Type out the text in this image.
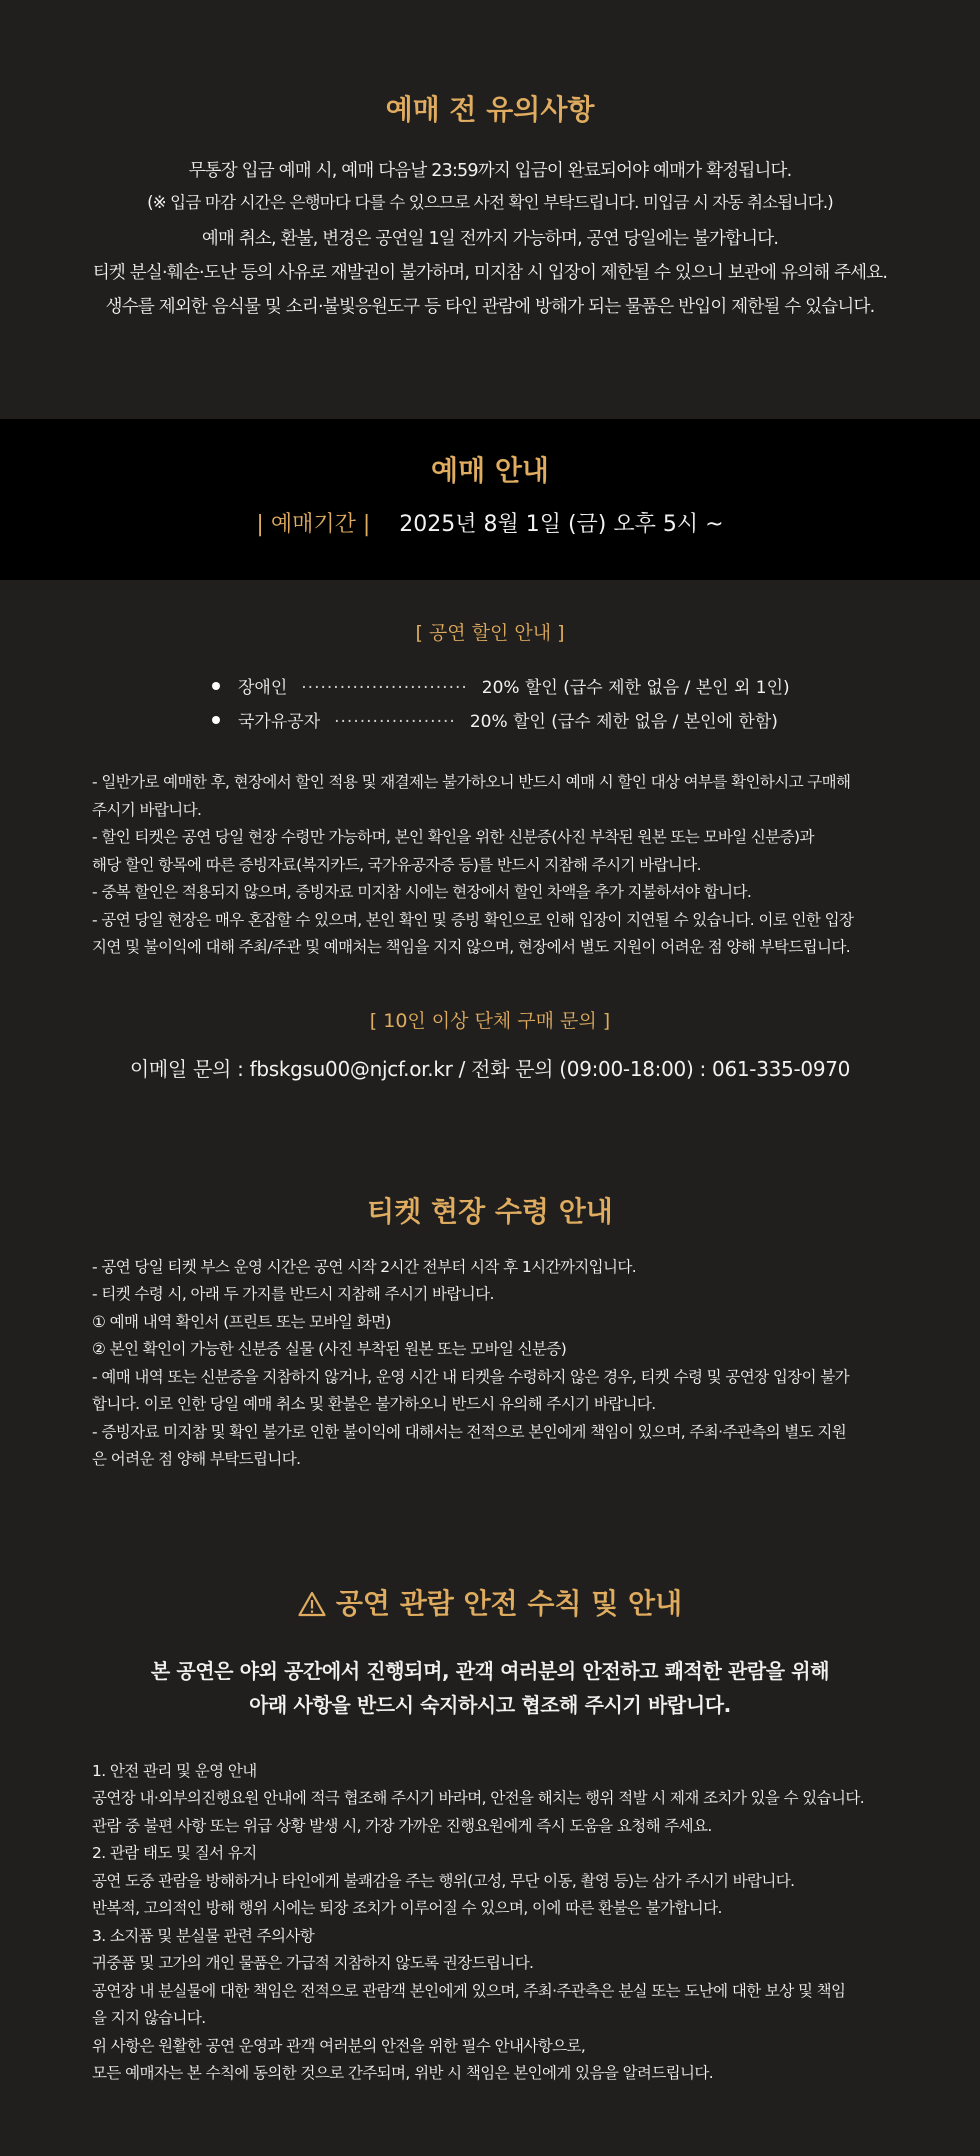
예매 전 유의사항
무통장 입금 예매 시, 예매 다음날 23:59까지 입금이 완료되어야 예매가 확정됩니다.
(※ 입금 마감 시간은 은행마다 다를 수 있으므로 사전 확인 부탁드립니다. 미입금 시 자동 취소됩니다.)
예매 취소, 환불, 변경은 공연일 1일 전까지 가능하며, 공연 당일에는 불가합니다.
티켓 분실·훼손·도난 등의 사유로 재발권이 불가하며, 미지참 시 입장이 제한될 수 있으니 보관에 유의해 주세요.
생수를 제외한 음식물 및 소리·불빛응원도구 등 타인 관람에 방해가 되는 물품은 반입이 제한될 수 있습니다.
예매 안내
| 예매기간 | 2025년 8월 1일 (금) 오후 5시 ~

[ 공연 할인 안내 ]

장애인 ·························· 20% 할인 (급수 제한 없음 / 본인 외 1인)
국가유공자 ··················· 20% 할인 (급수 제한 없음 / 본인에 한함)

- 일반가로 예매한 후, 현장에서 할인 적용 및 재결제는 불가하오니 반드시 예매 시 할인 대상 여부를 확인하시고 구매해

주시기 바랍니다.

- 할인 티켓은 공연 당일 현장 수령만 가능하며, 본인 확인을 위한 신분증(사진 부착된 원본 또는 모바일 신분증)과

해당 할인 항목에 따른 증빙자료(복지카드, 국가유공자증 등)를 반드시 지참해 주시기 바랍니다.

- 중복 할인은 적용되지 않으며, 증빙자료 미지참 시에는 현장에서 할인 차액을 추가 지불하셔야 합니다.

- 공연 당일 현장은 매우 혼잡할 수 있으며, 본인 확인 및 증빙 확인으로 인해 입장이 지연될 수 있습니다. 이로 인한 입장

지연 및 불이익에 대해 주최/주관 및 예매처는 책임을 지지 않으며, 현장에서 별도 지원이 어려운 점 양해 부탁드립니다.

[ 10인 이상 단체 구매 문의 ]

이메일 문의 : fbskgsu00@njcf.or.kr / 전화 문의 (09:00-18:00) : 061-335-0970
티켓 현장 수령 안내

- 공연 당일 티켓 부스 운영 시간은 공연 시작 2시간 전부터 시작 후 1시간까지입니다.

- 티켓 수령 시, 아래 두 가지를 반드시 지참해 주시기 바랍니다.

① 예매 내역 확인서 (프린트 또는 모바일 화면)

② 본인 확인이 가능한 신분증 실물 (사진 부착된 원본 또는 모바일 신분증)

- 예매 내역 또는 신분증을 지참하지 않거나, 운영 시간 내 티켓을 수령하지 않은 경우, 티켓 수령 및 공연장 입장이 불가

합니다. 이로 인한 당일 예매 취소 및 환불은 불가하오니 반드시 유의해 주시기 바랍니다.

- 증빙자료 미지참 및 확인 불가로 인한 불이익에 대해서는 전적으로 본인에게 책임이 있으며, 주최·주관측의 별도 지원

은 어려운 점 양해 부탁드립니다.

공연 관람 안전 수칙 및 안내
본 공연은 야외 공간에서 진행되며, 관객 여러분의 안전하고 쾌적한 관람을 위해
아래 사항을 반드시 숙지하시고 협조해 주시기 바랍니다.

1. 안전 관리 및 운영 안내

공연장 내·외부의진행요원 안내에 적극 협조해 주시기 바라며, 안전을 해치는 행위 적발 시 제재 조치가 있을 수 있습니다.

관람 중 불편 사항 또는 위급 상황 발생 시, 가장 가까운 진행요원에게 즉시 도움을 요청해 주세요.

2. 관람 태도 및 질서 유지

공연 도중 관람을 방해하거나 타인에게 불쾌감을 주는 행위(고성, 무단 이동, 촬영 등)는 삼가 주시기 바랍니다.

반복적, 고의적인 방해 행위 시에는 퇴장 조치가 이루어질 수 있으며, 이에 따른 환불은 불가합니다.

3. 소지품 및 분실물 관련 주의사항

귀중품 및 고가의 개인 물품은 가급적 지참하지 않도록 권장드립니다.

공연장 내 분실물에 대한 책임은 전적으로 관람객 본인에게 있으며, 주최·주관측은 분실 또는 도난에 대한 보상 및 책임

을 지지 않습니다.

위 사항은 원활한 공연 운영과 관객 여러분의 안전을 위한 필수 안내사항으로,

모든 예매자는 본 수칙에 동의한 것으로 간주되며, 위반 시 책임은 본인에게 있음을 알려드립니다.
